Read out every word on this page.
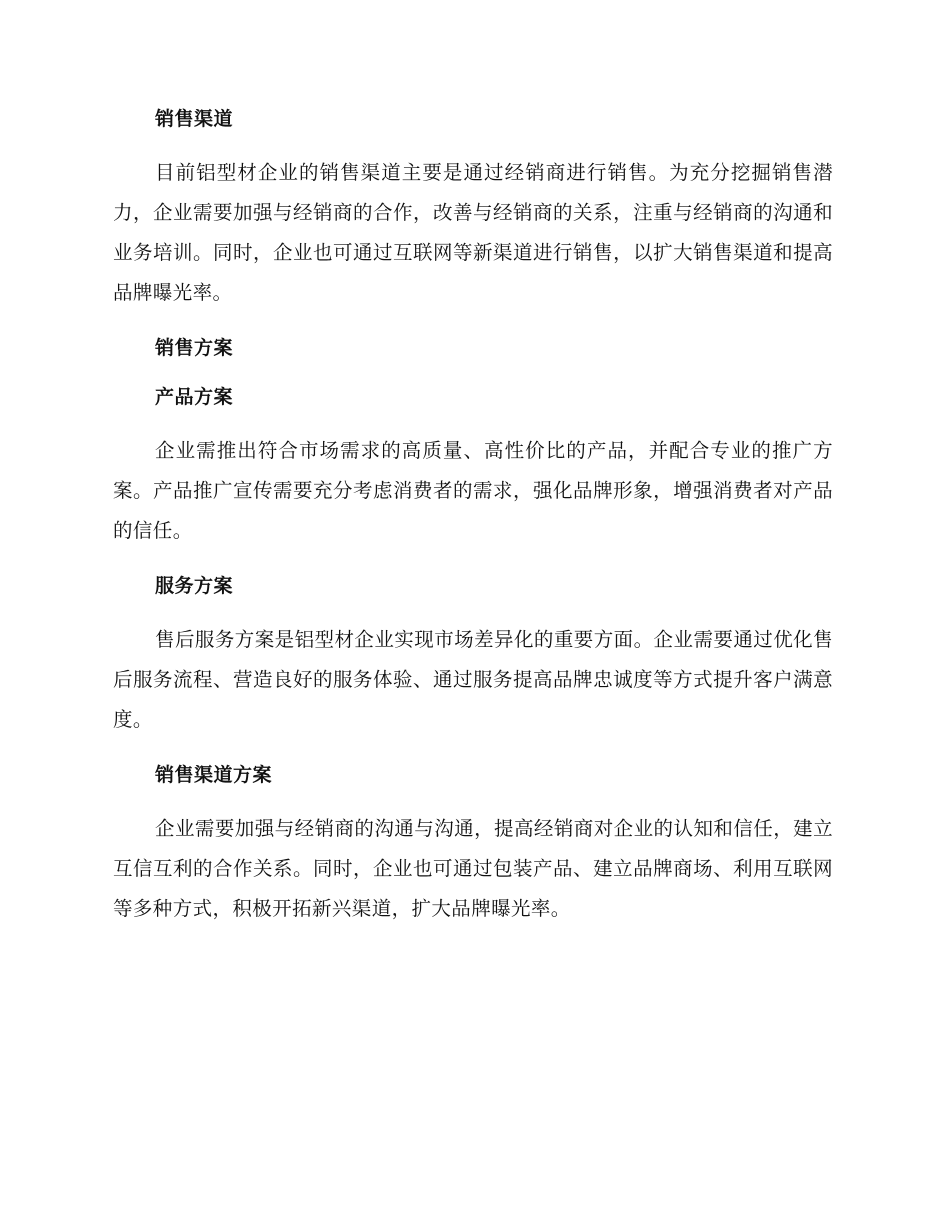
销售渠道

目前铝型材企业的销售渠道主要是通过经销商进行销售。为充分挖掘销售潜力，企业需要加强与经销商的合作，改善与经销商的关系，注重与经销商的沟通和业务培训。同时，企业也可通过互联网等新渠道进行销售，以扩大销售渠道和提高品牌曝光率。

销售方案
产品方案

企业需推出符合市场需求的高质量、高性价比的产品，并配合专业的推广方案。产品推广宣传需要充分考虑消费者的需求，强化品牌形象，增强消费者对产品的信任。

服务方案

售后服务方案是铝型材企业实现市场差异化的重要方面。企业需要通过优化售后服务流程、营造良好的服务体验、通过服务提高品牌忠诚度等方式提升客户满意度。

销售渠道方案

企业需要加强与经销商的沟通与沟通，提高经销商对企业的认知和信任，建立互信互利的合作关系。同时，企业也可通过包装产品、建立品牌商场、利用互联网等多种方式，积极开拓新兴渠道，扩大品牌曝光率。
